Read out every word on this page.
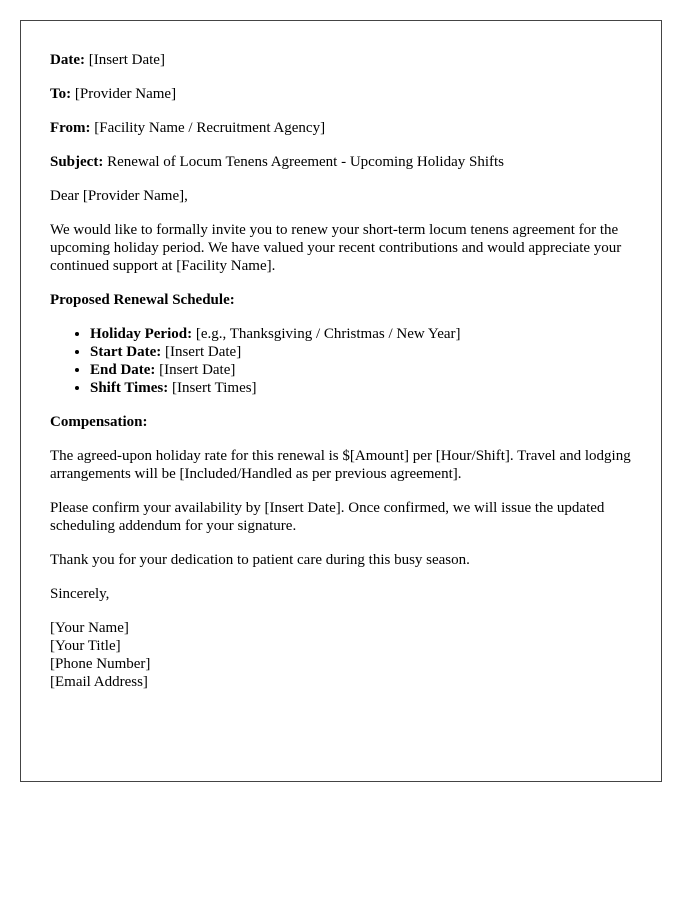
Date: [Insert Date]

To: [Provider Name]

From: [Facility Name / Recruitment Agency]

Subject: Renewal of Locum Tenens Agreement - Upcoming Holiday Shifts

Dear [Provider Name],

We would like to formally invite you to renew your short-term locum tenens agreement for the upcoming holiday period. We have valued your recent contributions and would appreciate your continued support at [Facility Name].

Proposed Renewal Schedule:

• Holiday Period: [e.g., Thanksgiving / Christmas / New Year]
• Start Date: [Insert Date]
• End Date: [Insert Date]
• Shift Times: [Insert Times]

Compensation:

The agreed-upon holiday rate for this renewal is $[Amount] per [Hour/Shift]. Travel and lodging arrangements will be [Included/Handled as per previous agreement].

Please confirm your availability by [Insert Date]. Once confirmed, we will issue the updated scheduling addendum for your signature.

Thank you for your dedication to patient care during this busy season.

Sincerely,

[Your Name]
[Your Title]
[Phone Number]
[Email Address]
